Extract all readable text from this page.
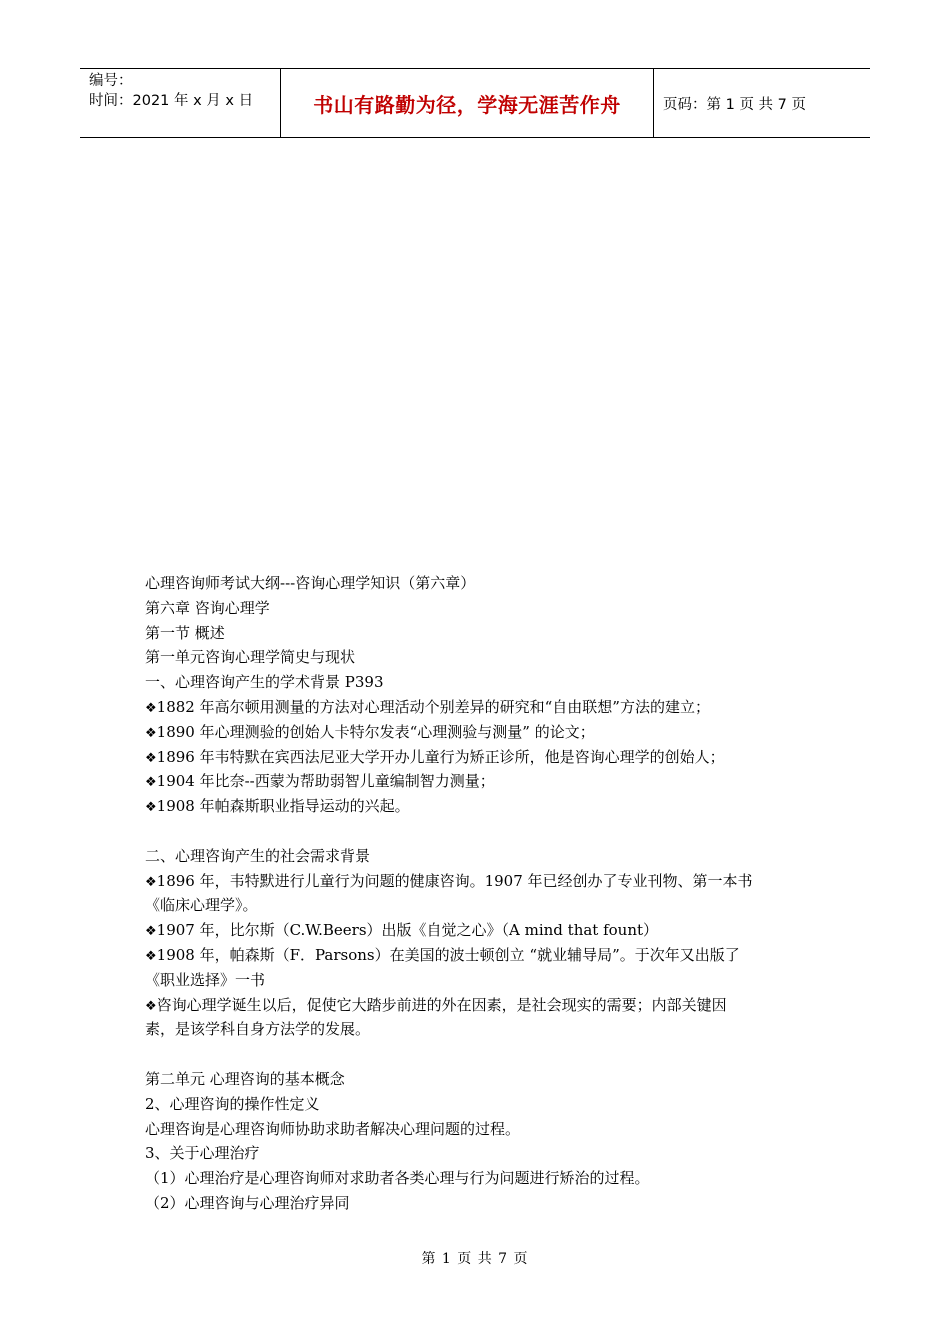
编号：
时间：2021 年 x 月 x 日	书山有路勤为径，学海无涯苦作舟	页码：第 1 页 共 7 页
心理咨询师考试大纲---咨询心理学知识（第六章）
第六章 咨询心理学
第一节 概述
第一单元咨询心理学简史与现状
一、心理咨询产生的学术背景 P393
❖1882 年高尔顿用测量的方法对心理活动个别差异的研究和“自由联想”方法的建立；
❖1890 年心理测验的创始人卡特尔发表“心理测验与测量” 的论文；
❖1896 年韦特默在宾西法尼亚大学开办儿童行为矫正诊所，他是咨询心理学的创始人；
❖1904 年比奈--西蒙为帮助弱智儿童编制智力测量；
❖1908 年帕森斯职业指导运动的兴起。
二、心理咨询产生的社会需求背景
❖1896 年，韦特默进行儿童行为问题的健康咨询。1907 年已经创办了专业刊物、第一本书
《临床心理学》。
❖1907 年，比尔斯（C.W.Beers）出版《自觉之心》（A mind that fount）
❖1908 年，帕森斯（F．Parsons）在美国的波士顿创立 “就业辅导局”。于次年又出版了
《职业选择》一书
❖咨询心理学诞生以后，促使它大踏步前进的外在因素，是社会现实的需要；内部关键因
素，是该学科自身方法学的发展。
第二单元 心理咨询的基本概念
2、心理咨询的操作性定义
心理咨询是心理咨询师协助求助者解决心理问题的过程。
3、关于心理治疗
（1）心理治疗是心理咨询师对求助者各类心理与行为问题进行矫治的过程。
（2）心理咨询与心理治疗异同
第 1 页 共 7 页
